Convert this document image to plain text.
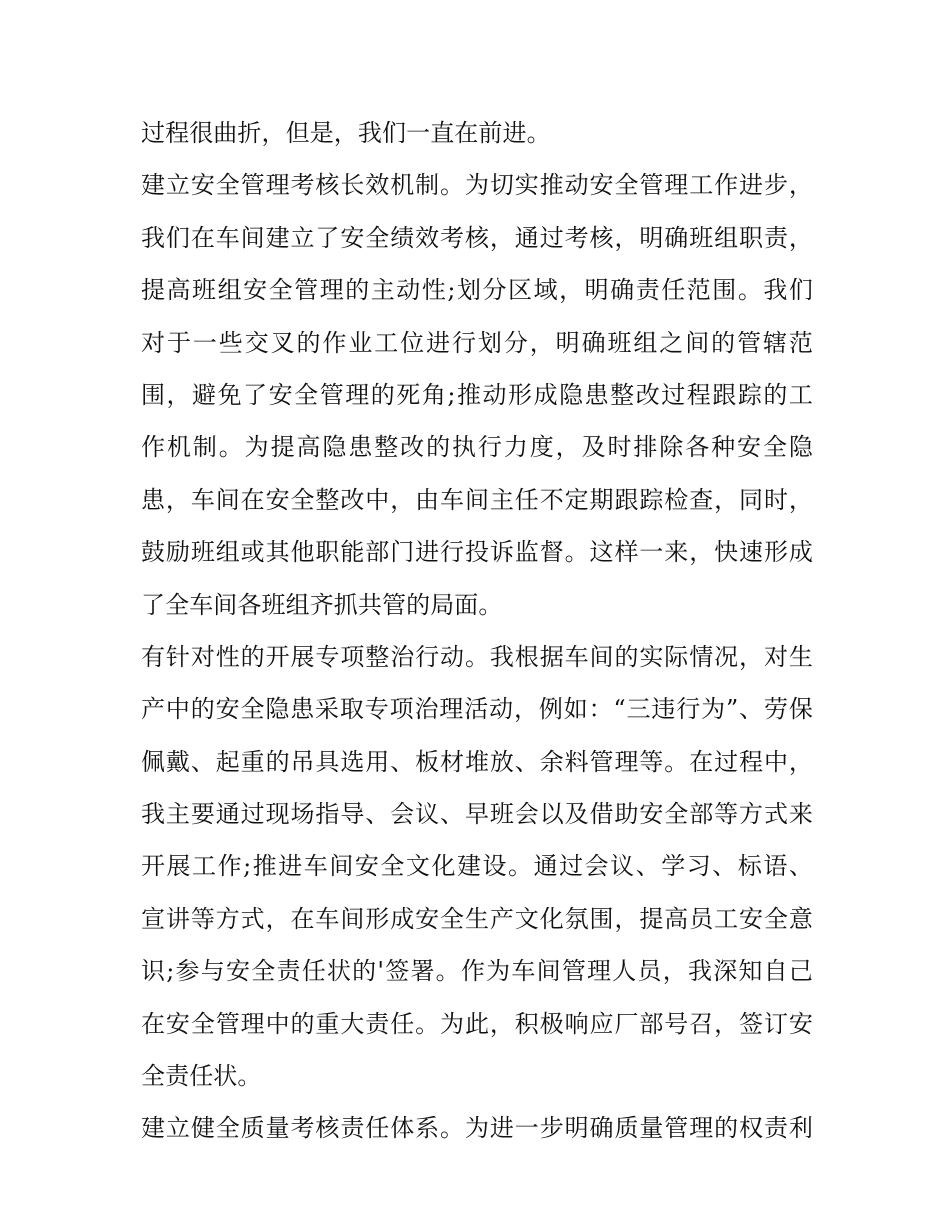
过程很曲折，但是，我们一直在前进。
建立安全管理考核长效机制。为切实推动安全管理工作进步，
我们在车间建立了安全绩效考核，通过考核，明确班组职责，
提高班组安全管理的主动性;划分区域，明确责任范围。我们
对于一些交叉的作业工位进行划分，明确班组之间的管辖范
围，避免了安全管理的死角;推动形成隐患整改过程跟踪的工
作机制。为提高隐患整改的执行力度，及时排除各种安全隐
患，车间在安全整改中，由车间主任不定期跟踪检查，同时，
鼓励班组或其他职能部门进行投诉监督。这样一来，快速形成
了全车间各班组齐抓共管的局面。
有针对性的开展专项整治行动。我根据车间的实际情况，对生
产中的安全隐患采取专项治理活动，例如：“三违行为”、劳保
佩戴、起重的吊具选用、板材堆放、余料管理等。在过程中，
我主要通过现场指导、会议、早班会以及借助安全部等方式来
开展工作;推进车间安全文化建设。通过会议、学习、标语、
宣讲等方式，在车间形成安全生产文化氛围，提高员工安全意
识;参与安全责任状的'签署。作为车间管理人员，我深知自己
在安全管理中的重大责任。为此，积极响应厂部号召，签订安
全责任状。
建立健全质量考核责任体系。为进一步明确质量管理的权责利
